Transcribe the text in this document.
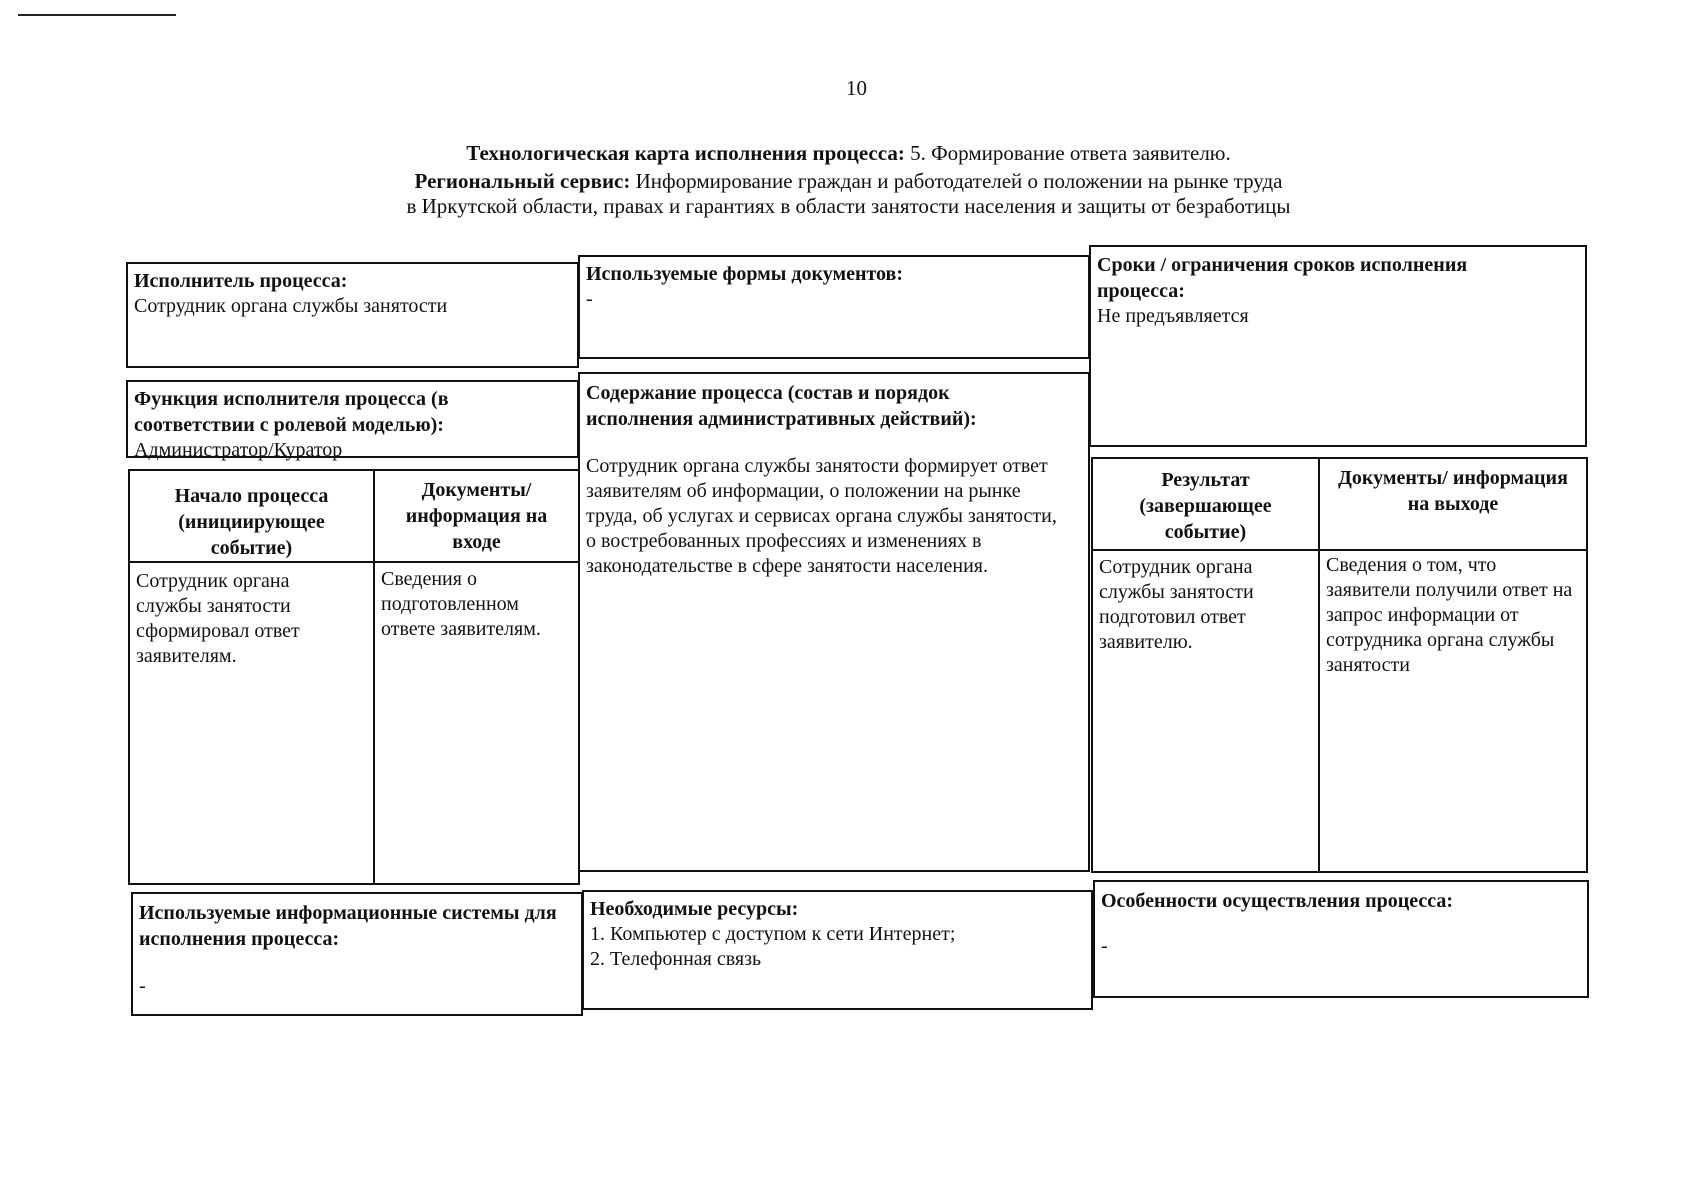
10
Технологическая карта исполнения процесса: 5. Формирование ответа заявителю.
Региональный сервис: Информирование граждан и работодателей о положении на рынке труда
в Иркутской области, правах и гарантиях в области занятости населения и защиты от безработицы
Исполнитель процесса:
Сотрудник органа службы занятости
Используемые формы документов:
-
Сроки / ограничения сроков исполнения процесса:
Не предъявляется
Функция исполнителя процесса (в соответствии с ролевой моделью):
Администратор/Куратор
Начало процесса (инициирующее событие)
Документы/ информация на входе
Сотрудник органа службы занятости сформировал ответ заявителям.
Сведения о подготовленном ответе заявителям.
Содержание процесса (состав и порядок исполнения административных действий):
Сотрудник органа службы занятости формирует ответ заявителям об информации, о положении на рынке труда, об услугах и сервисах органа службы занятости, о востребованных профессиях и изменениях в законодательстве в сфере занятости населения.
Результат (завершающее событие)
Документы/ информация на выходе
Сотрудник органа службы занятости подготовил ответ заявителю.
Сведения о том, что заявители получили ответ на запрос информации от сотрудника органа службы занятости
Используемые информационные системы для исполнения процесса:
-
Необходимые ресурсы:
1. Компьютер с доступом к сети Интернет;
2. Телефонная связь
Особенности осуществления процесса:
-
